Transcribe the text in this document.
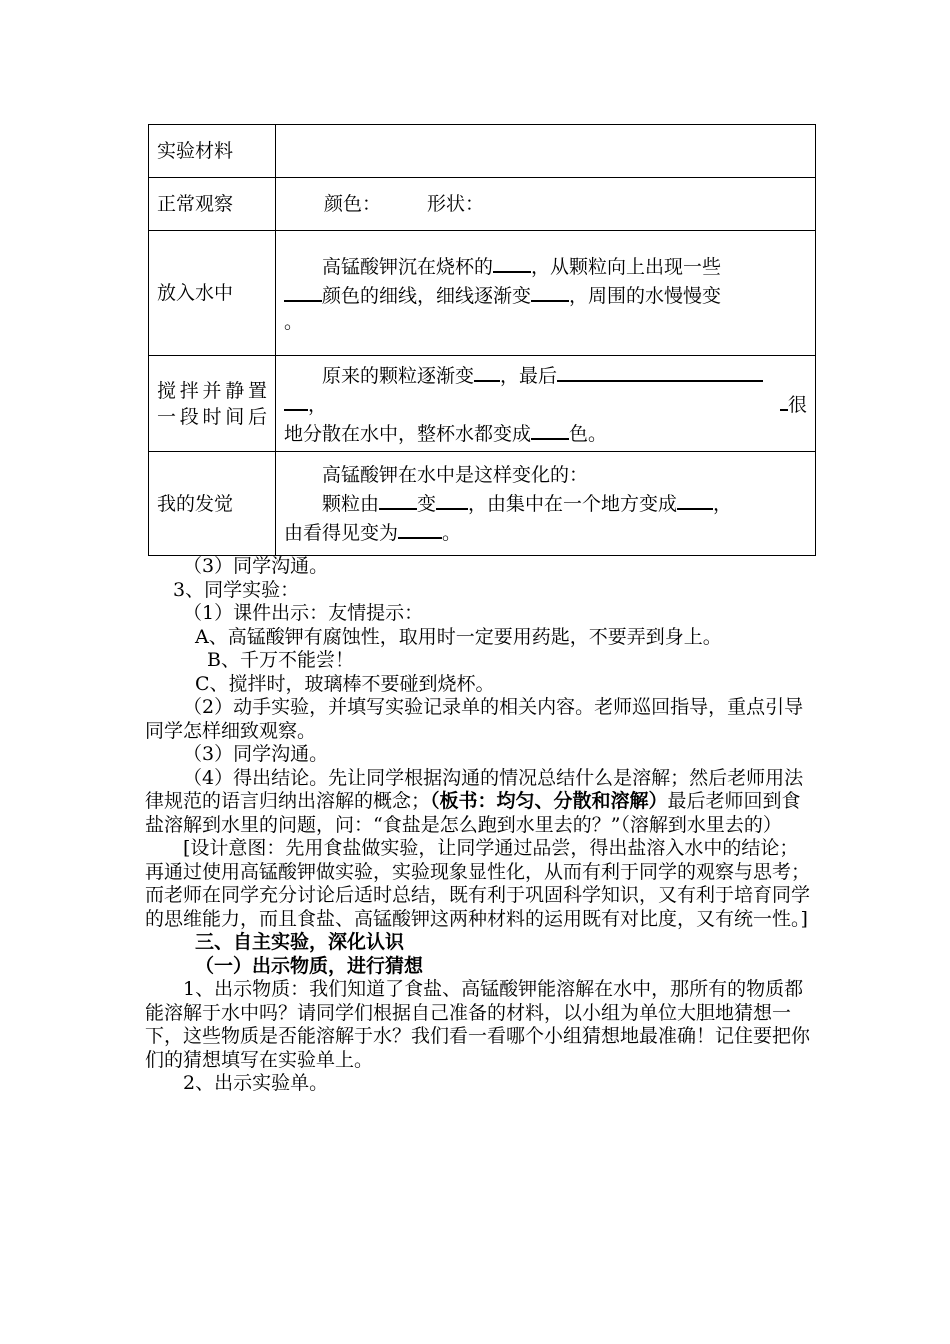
实验材料	
正常观察	颜色： 形状：
放入水中	高锰酸钾沉在烧杯的 ，从颗粒向上出现一些
颜色的细线，细线逐渐变 ，周围的水慢慢变
。

搅拌并静置一段时间后	原来的颗粒逐渐变 ，最后
， 很
地分散在水中，整杯水都变成 色。

我的发觉	高锰酸钾在水中是这样变化的：
颗粒由 变 ，由集中在一个地方变成 ，
由看得见变为 。

（3）同学沟通。

3、同学实验：

（1）课件出示：友情提示：

A、高锰酸钾有腐蚀性，取用时一定要用药匙，不要弄到身上。

B、千万不能尝！

C、搅拌时，玻璃棒不要碰到烧杯。

（2）动手实验，并填写实验记录单的相关内容。老师巡回指导，重点引导同学怎样细致观察。

（3）同学沟通。

（4）得出结论。先让同学根据沟通的情况总结什么是溶解；然后老师用法律规范的语言归纳出溶解的概念；（板书：均匀、分散和溶解）最后老师回到食盐溶解到水里的问题，问：“食盐是怎么跑到水里去的？”（溶解到水里去的）

[设计意图：先用食盐做实验，让同学通过品尝，得出盐溶入水中的结论；再通过使用高锰酸钾做实验，实验现象显性化，从而有利于同学的观察与思考；而老师在同学充分讨论后适时总结，既有利于巩固科学知识，又有利于培育同学的思维能力，而且食盐、高锰酸钾这两种材料的运用既有对比度，又有统一性。]

三、自主实验，深化认识

（一）出示物质，进行猜想

1、出示物质：我们知道了食盐、高锰酸钾能溶解在水中，那所有的物质都能溶解于水中吗？请同学们根据自己准备的材料，以小组为单位大胆地猜想一下，这些物质是否能溶解于水？我们看一看哪个小组猜想地最准确！记住要把你们的猜想填写在实验单上。

2、出示实验单。
